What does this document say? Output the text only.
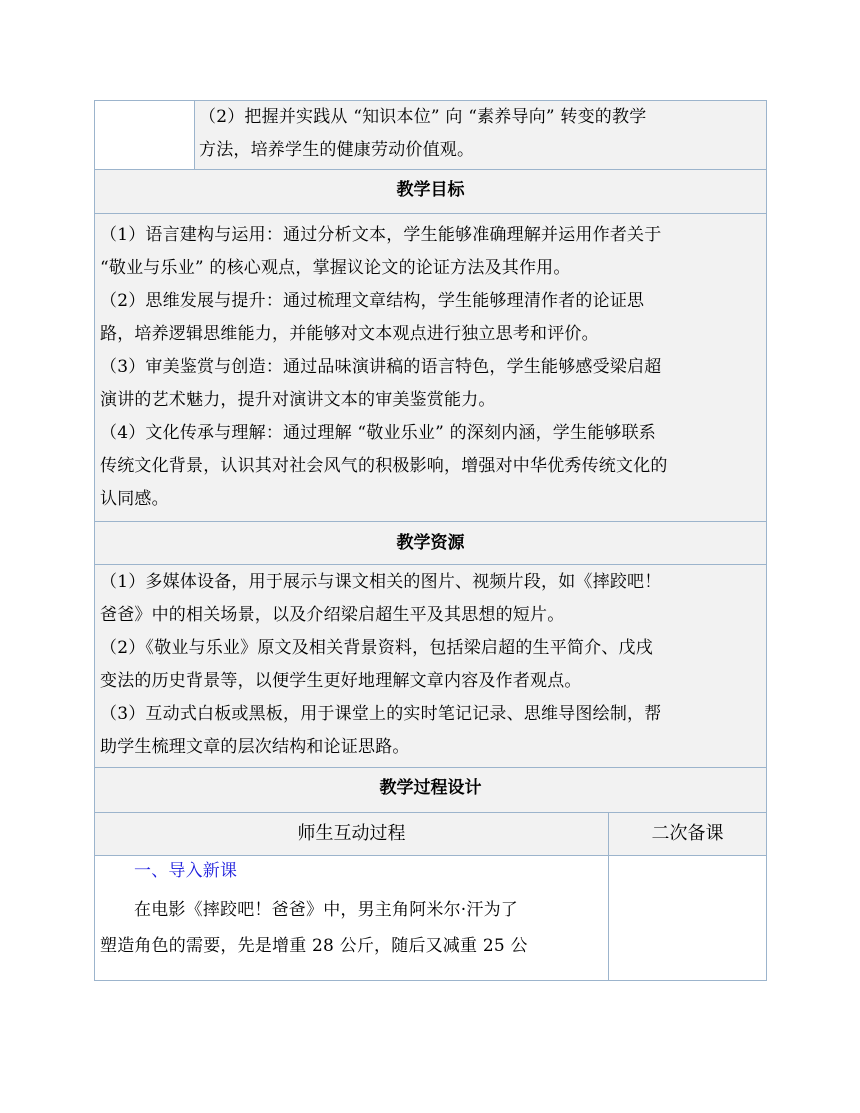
（2）把握并实践从 “知识本位” 向 “素养导向” 转变的教学

方法，培养学生的健康劳动价值观。

教学目标

（1）语言建构与运用：通过分析文本，学生能够准确理解并运用作者关于

“敬业与乐业” 的核心观点，掌握议论文的论证方法及其作用。

（2）思维发展与提升：通过梳理文章结构，学生能够理清作者的论证思

路，培养逻辑思维能力，并能够对文本观点进行独立思考和评价。

（3）审美鉴赏与创造：通过品味演讲稿的语言特色，学生能够感受梁启超

演讲的艺术魅力，提升对演讲文本的审美鉴赏能力。

（4）文化传承与理解：通过理解 “敬业乐业” 的深刻内涵，学生能够联系

传统文化背景，认识其对社会风气的积极影响，增强对中华优秀传统文化的

认同感。

教学资源

（1）多媒体设备，用于展示与课文相关的图片、视频片段，如《摔跤吧！

爸爸》中的相关场景，以及介绍梁启超生平及其思想的短片。

（2）《敬业与乐业》原文及相关背景资料，包括梁启超的生平简介、戊戌

变法的历史背景等，以便学生更好地理解文章内容及作者观点。

（3）互动式白板或黑板，用于课堂上的实时笔记记录、思维导图绘制，帮

助学生梳理文章的层次结构和论证思路。

教学过程设计
师生互动过程	二次备课

一、导入新课

在电影《摔跤吧！爸爸》中，男主角阿米尔·汗为了

塑造角色的需要，先是增重 28 公斤，随后又减重 25 公
